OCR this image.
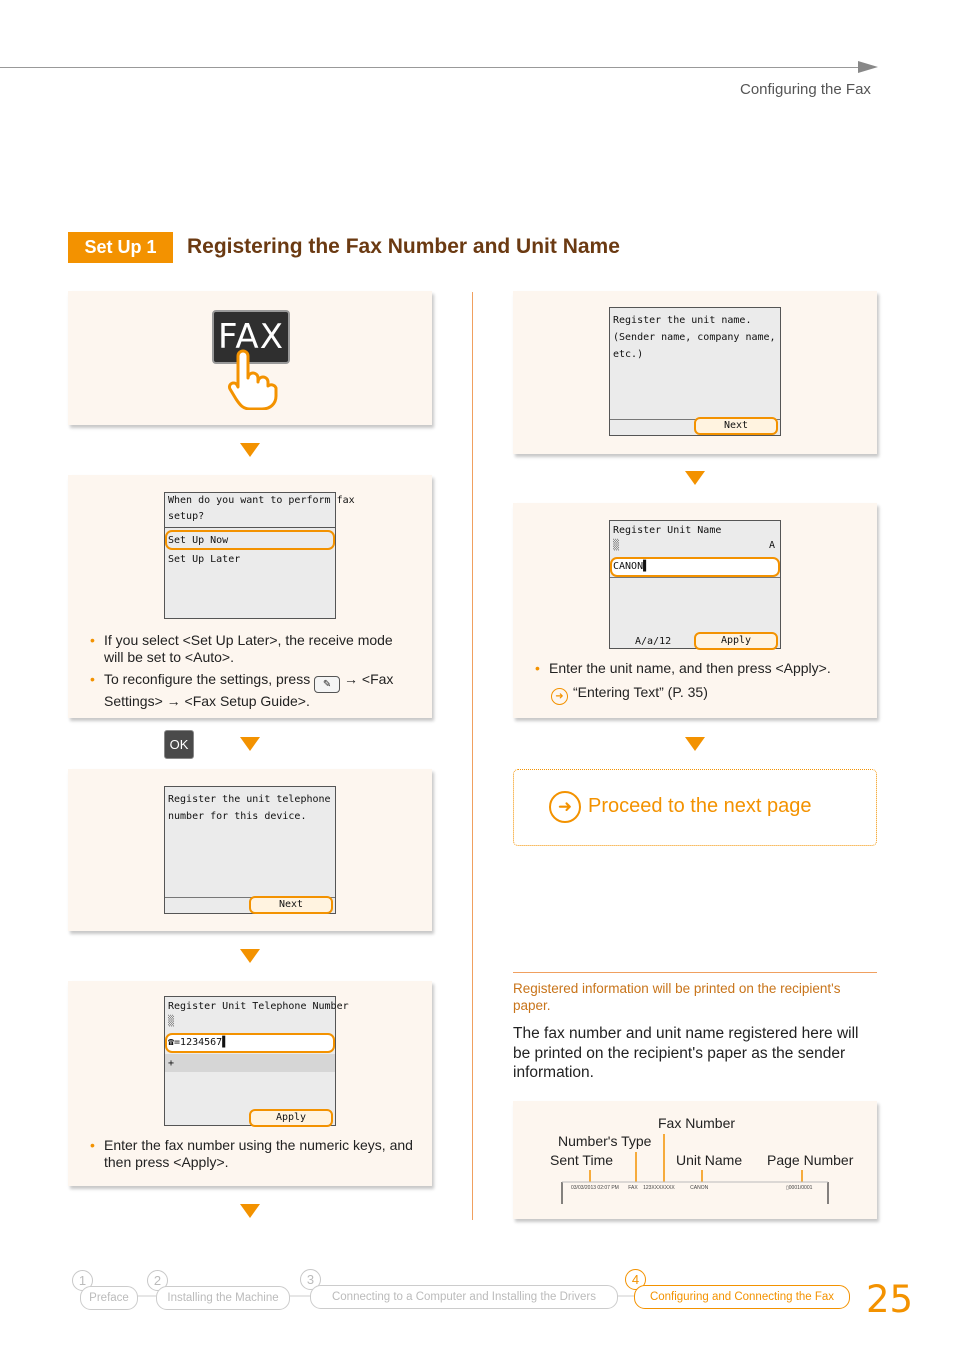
Configuring the Fax
Set Up 1	Registering the Fax Number and Unit Name
FAX
When do you want to perform fax
setup?
Set Up Now
Set Up Later
• If you select <Set Up Later>, the receive mode will be set to <Auto>.
• To reconfigure the settings, press ✎ → <Fax
Settings> → <Fax Setup Guide>.
OK
Register the unit telephone
number for this device.
Next
Register Unit Telephone Number
▒
☎=1234567▌
+
Apply
• Enter the fax number using the numeric keys, and then press <Apply>.
Register the unit name.
(Sender name, company name,
etc.)
Next
Register Unit Name
▒	A
CANON▌
A/a/12	Apply
• Enter the unit name, and then press <Apply>.
➜ “Entering Text” (P. 35)
➜ Proceed to the next page
Registered information will be printed on the recipient's paper.
The fax number and unit name registered here will be printed on the recipient's paper as the sender information.
Fax Number
Number's Type
Sent Time	Unit Name Page Number
03/03/2013 02:07 PM FAX 123XXXXXXX	CANON	▯0001/0001
1
Preface
2
Installing the Machine
3
Connecting to a Computer and Installing the Drivers
4
Configuring and Connecting the Fax 25
